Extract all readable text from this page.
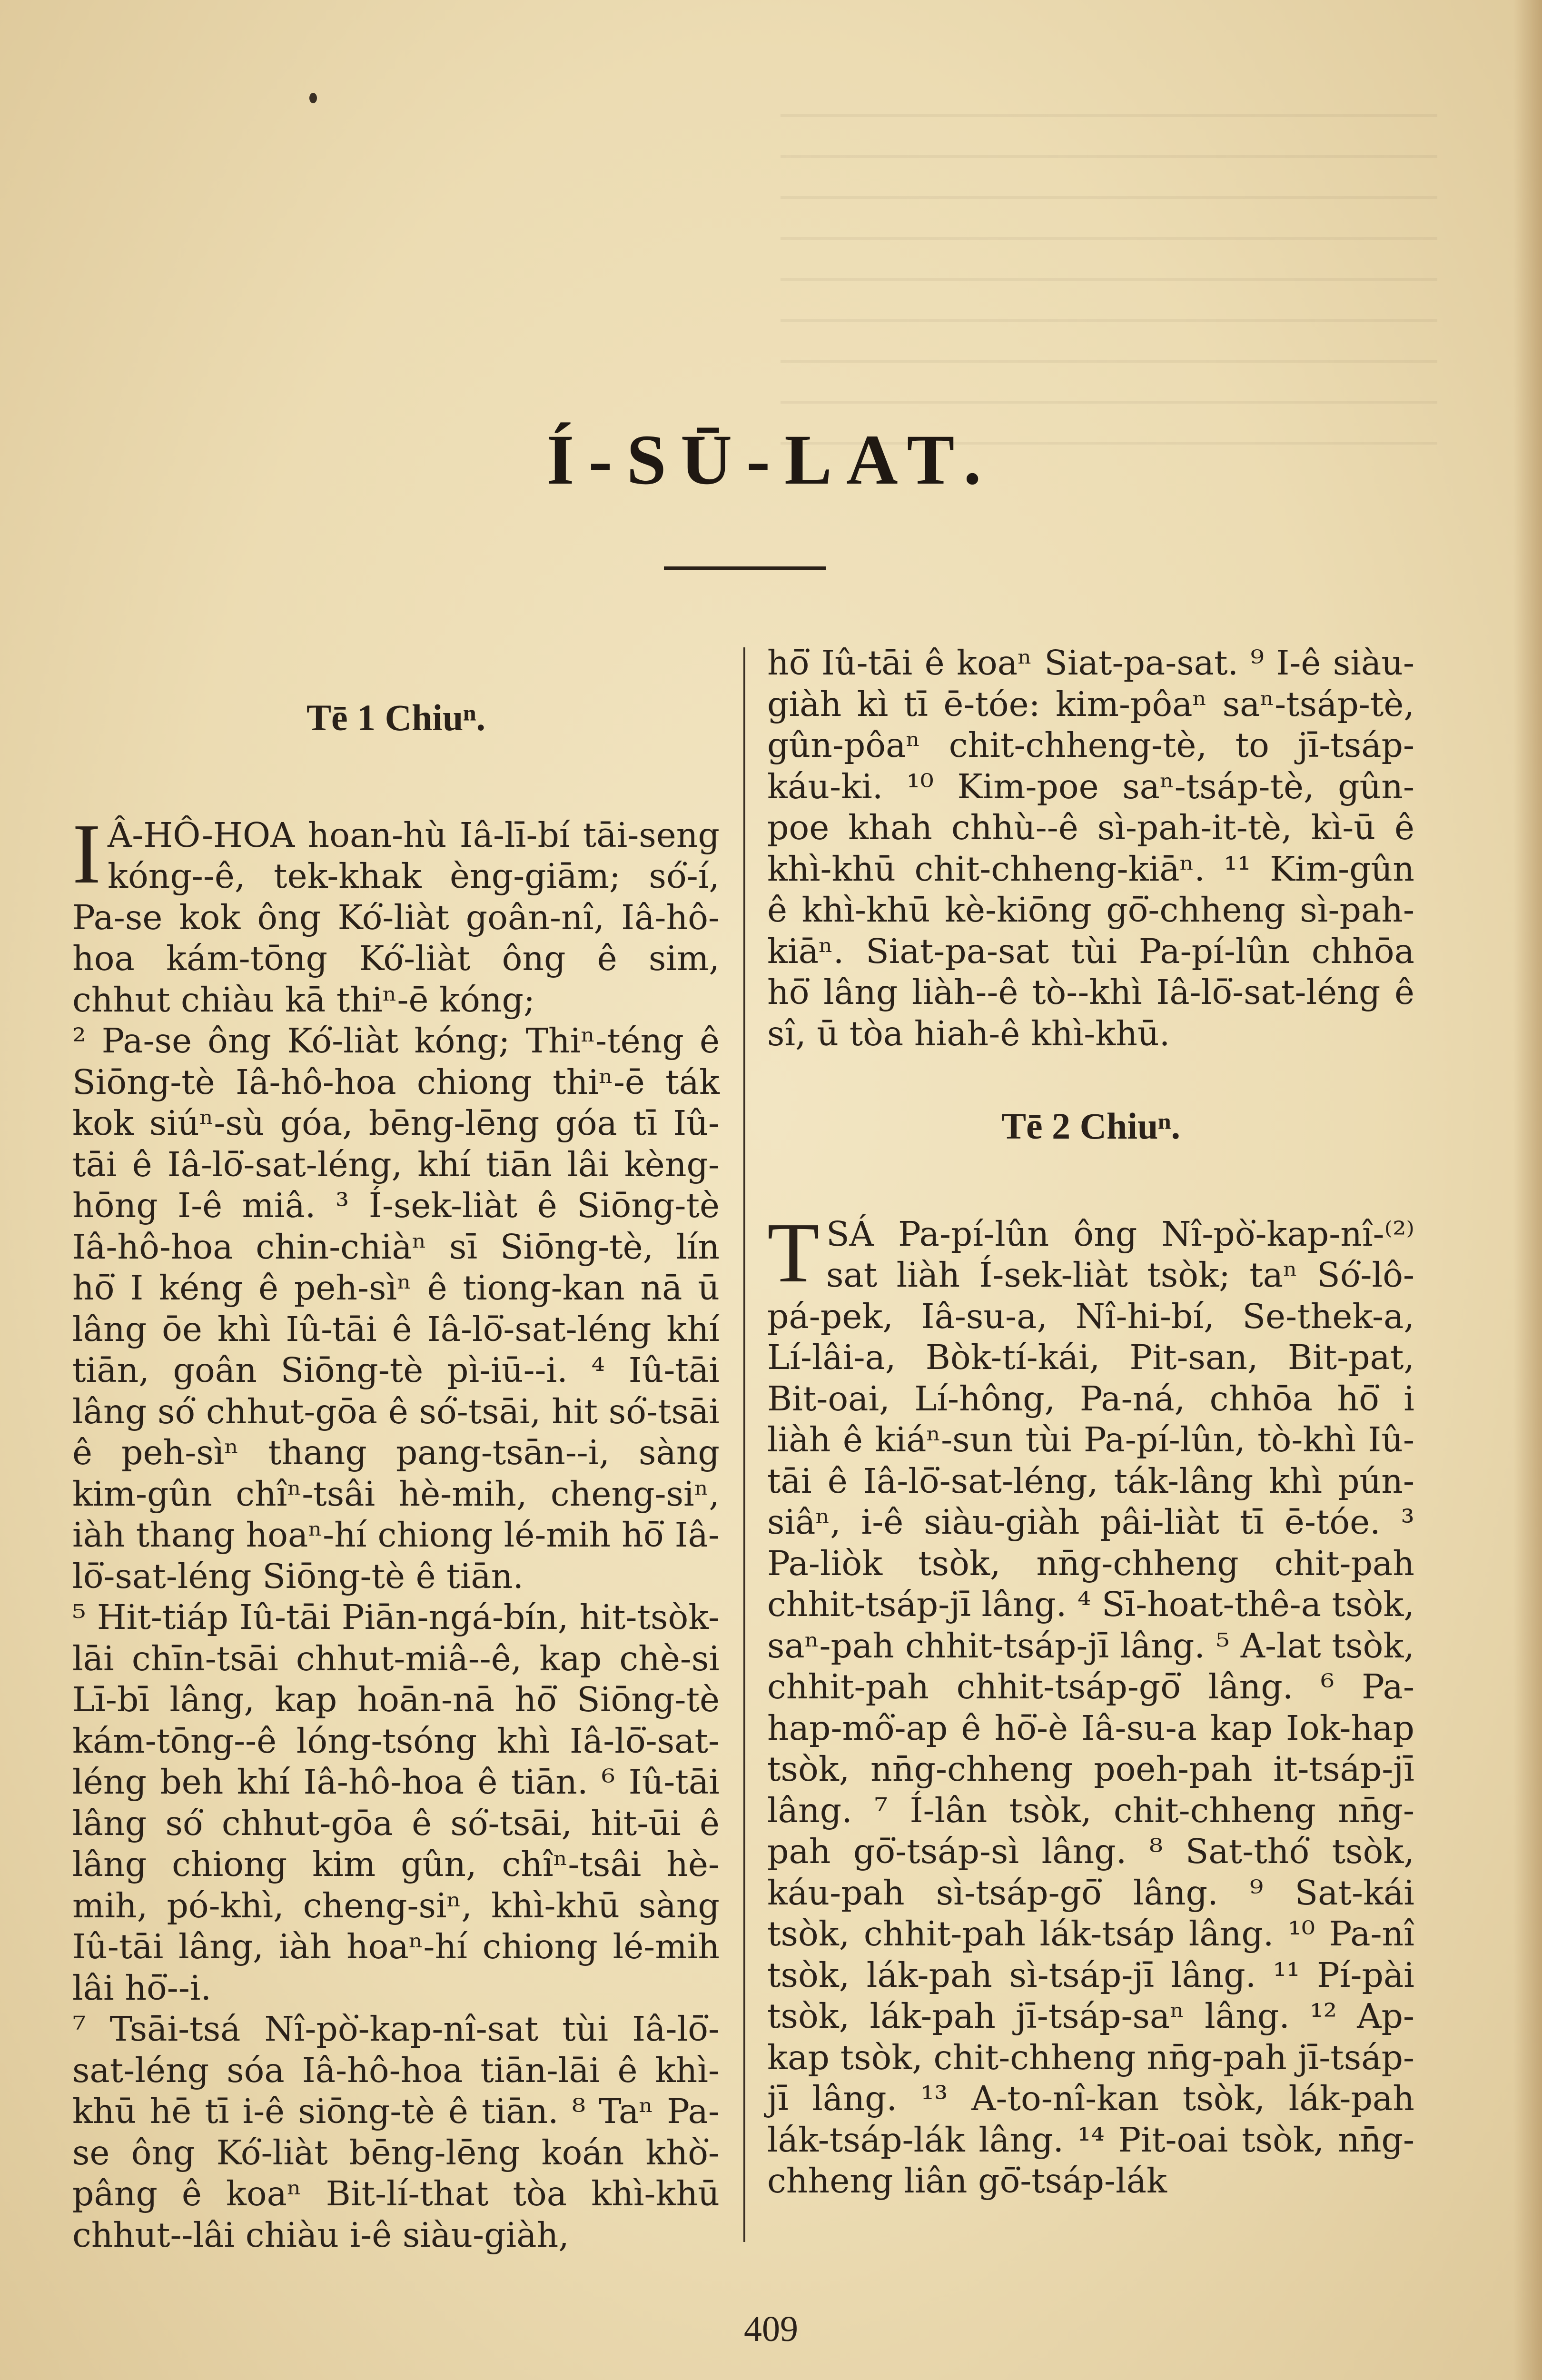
Í-SŪ-LAT.
Tē 1 Chiuⁿ.

I Â-HÔ-HOA hoan-hù Iâ-lī-bí tāi-seng kóng--ê, tek-khak èng-giām; só͘-í, Pa-se kok ông Kó͘-liàt goân-nî, Iâ-hô-hoa kám-tōng Kó͘-liàt ông ê sim, chhut chiàu kā thiⁿ-ē kóng;

² Pa-se ông Kó͘-liàt kóng; Thiⁿ-téng ê Siōng-tè Iâ-hô-hoa chiong thiⁿ-ē ták kok siúⁿ-sù góa, bēng-lēng góa tī Iû-tāi ê Iâ-lō͘-sat-léng, khí tiān lâi kèng-hōng I-ê miâ. ³ Í-sek-liàt ê Siōng-tè Iâ-hô-hoa chin-chiàⁿ sī Siōng-tè, lín hō͘ I kéng ê peh-sìⁿ ê tiong-kan nā ū lâng ōe khì Iû-tāi ê Iâ-lō͘-sat-léng khí tiān, goân Siōng-tè pì-iū--i. ⁴ Iû-tāi lâng só͘ chhut-gōa ê só͘-tsāi, hit só͘-tsāi ê peh-sìⁿ thang pang-tsān--i, sàng kim-gûn chîⁿ-tsâi hè-mih, cheng-siⁿ, iàh thang hoaⁿ-hí chiong lé-mih hō͘ Iâ-lō͘-sat-léng Siōng-tè ê tiān.

⁵ Hit-tiáp Iû-tāi Piān-ngá-bín, hit-tsòk-lāi chīn-tsāi chhut-miâ--ê, kap chè-si Lī-bī lâng, kap hoān-nā hō͘ Siōng-tè kám-tōng--ê lóng-tsóng khì Iâ-lō͘-sat-léng beh khí Iâ-hô-hoa ê tiān. ⁶ Iû-tāi lâng só͘ chhut-gōa ê só͘-tsāi, hit-ūi ê lâng chiong kim gûn, chîⁿ-tsâi hè-mih, pó-khì, cheng-siⁿ, khì-khū sàng Iû-tāi lâng, iàh hoaⁿ-hí chiong lé-mih lâi hō͘--i.

⁷ Tsāi-tsá Nî-pò͘-kap-nî-sat tùi Iâ-lō͘-sat-léng sóa Iâ-hô-hoa tiān-lāi ê khì-khū hē tī i-ê siōng-tè ê tiān. ⁸ Taⁿ Pa-se ông Kó͘-liàt bēng-lēng koán khò͘-pâng ê koaⁿ Bit-lí-that tòa khì-khū chhut--lâi chiàu i-ê siàu-giàh,

hō͘ Iû-tāi ê koaⁿ Siat-pa-sat. ⁹ I-ê siàu-giàh kì tī ē-tóe: kim-pôaⁿ saⁿ-tsáp-tè, gûn-pôaⁿ chit-chheng-tè, to jī-tsáp-káu-ki. ¹⁰ Kim-poe saⁿ-tsáp-tè, gûn-poe khah chhù--ê sì-pah-it-tè, kì-ū ê khì-khū chit-chheng-kiāⁿ. ¹¹ Kim-gûn ê khì-khū kè-kiōng gō͘-chheng sì-pah-kiāⁿ. Siat-pa-sat tùi Pa-pí-lûn chhōa hō͘ lâng liàh--ê tò--khì Iâ-lō͘-sat-léng ê sî, ū tòa hiah-ê khì-khū.

Tē 2 Chiuⁿ.

TSÁ Pa-pí-lûn ông Nî-pò͘-kap-nî-⁽²⁾ sat liàh Í-sek-liàt tsòk; taⁿ Só͘-lô-pá-pek, Iâ-su-a, Nî-hi-bí, Se-thek-a, Lí-lâi-a, Bòk-tí-kái, Pit-san, Bit-pat, Bit-oai, Lí-hông, Pa-ná, chhōa hō͘ i liàh ê kiáⁿ-sun tùi Pa-pí-lûn, tò-khì Iû-tāi ê Iâ-lō͘-sat-léng, ták-lâng khì pún-siâⁿ, i-ê siàu-giàh pâi-liàt tī ē-tóe. ³ Pa-liòk tsòk, nn̄g-chheng chit-pah chhit-tsáp-jī lâng. ⁴ Sī-hoat-thê-a tsòk, saⁿ-pah chhit-tsáp-jī lâng. ⁵ A-lat tsòk, chhit-pah chhit-tsáp-gō͘ lâng. ⁶ Pa-hap-mô͘-ap ê hō͘-è Iâ-su-a kap Iok-hap tsòk, nn̄g-chheng poeh-pah it-tsáp-jī lâng. ⁷ Í-lân tsòk, chit-chheng nn̄g-pah gō͘-tsáp-sì lâng. ⁸ Sat-thó͘ tsòk, káu-pah sì-tsáp-gō͘ lâng. ⁹ Sat-kái tsòk, chhit-pah lák-tsáp lâng. ¹⁰ Pa-nî tsòk, lák-pah sì-tsáp-jī lâng. ¹¹ Pí-pài tsòk, lák-pah jī-tsáp-saⁿ lâng. ¹² Ap-kap tsòk, chit-chheng nn̄g-pah jī-tsáp-jī lâng. ¹³ A-to-nî-kan tsòk, lák-pah lák-tsáp-lák lâng. ¹⁴ Pit-oai tsòk, nn̄g-chheng liân gō͘-tsáp-lák

409
